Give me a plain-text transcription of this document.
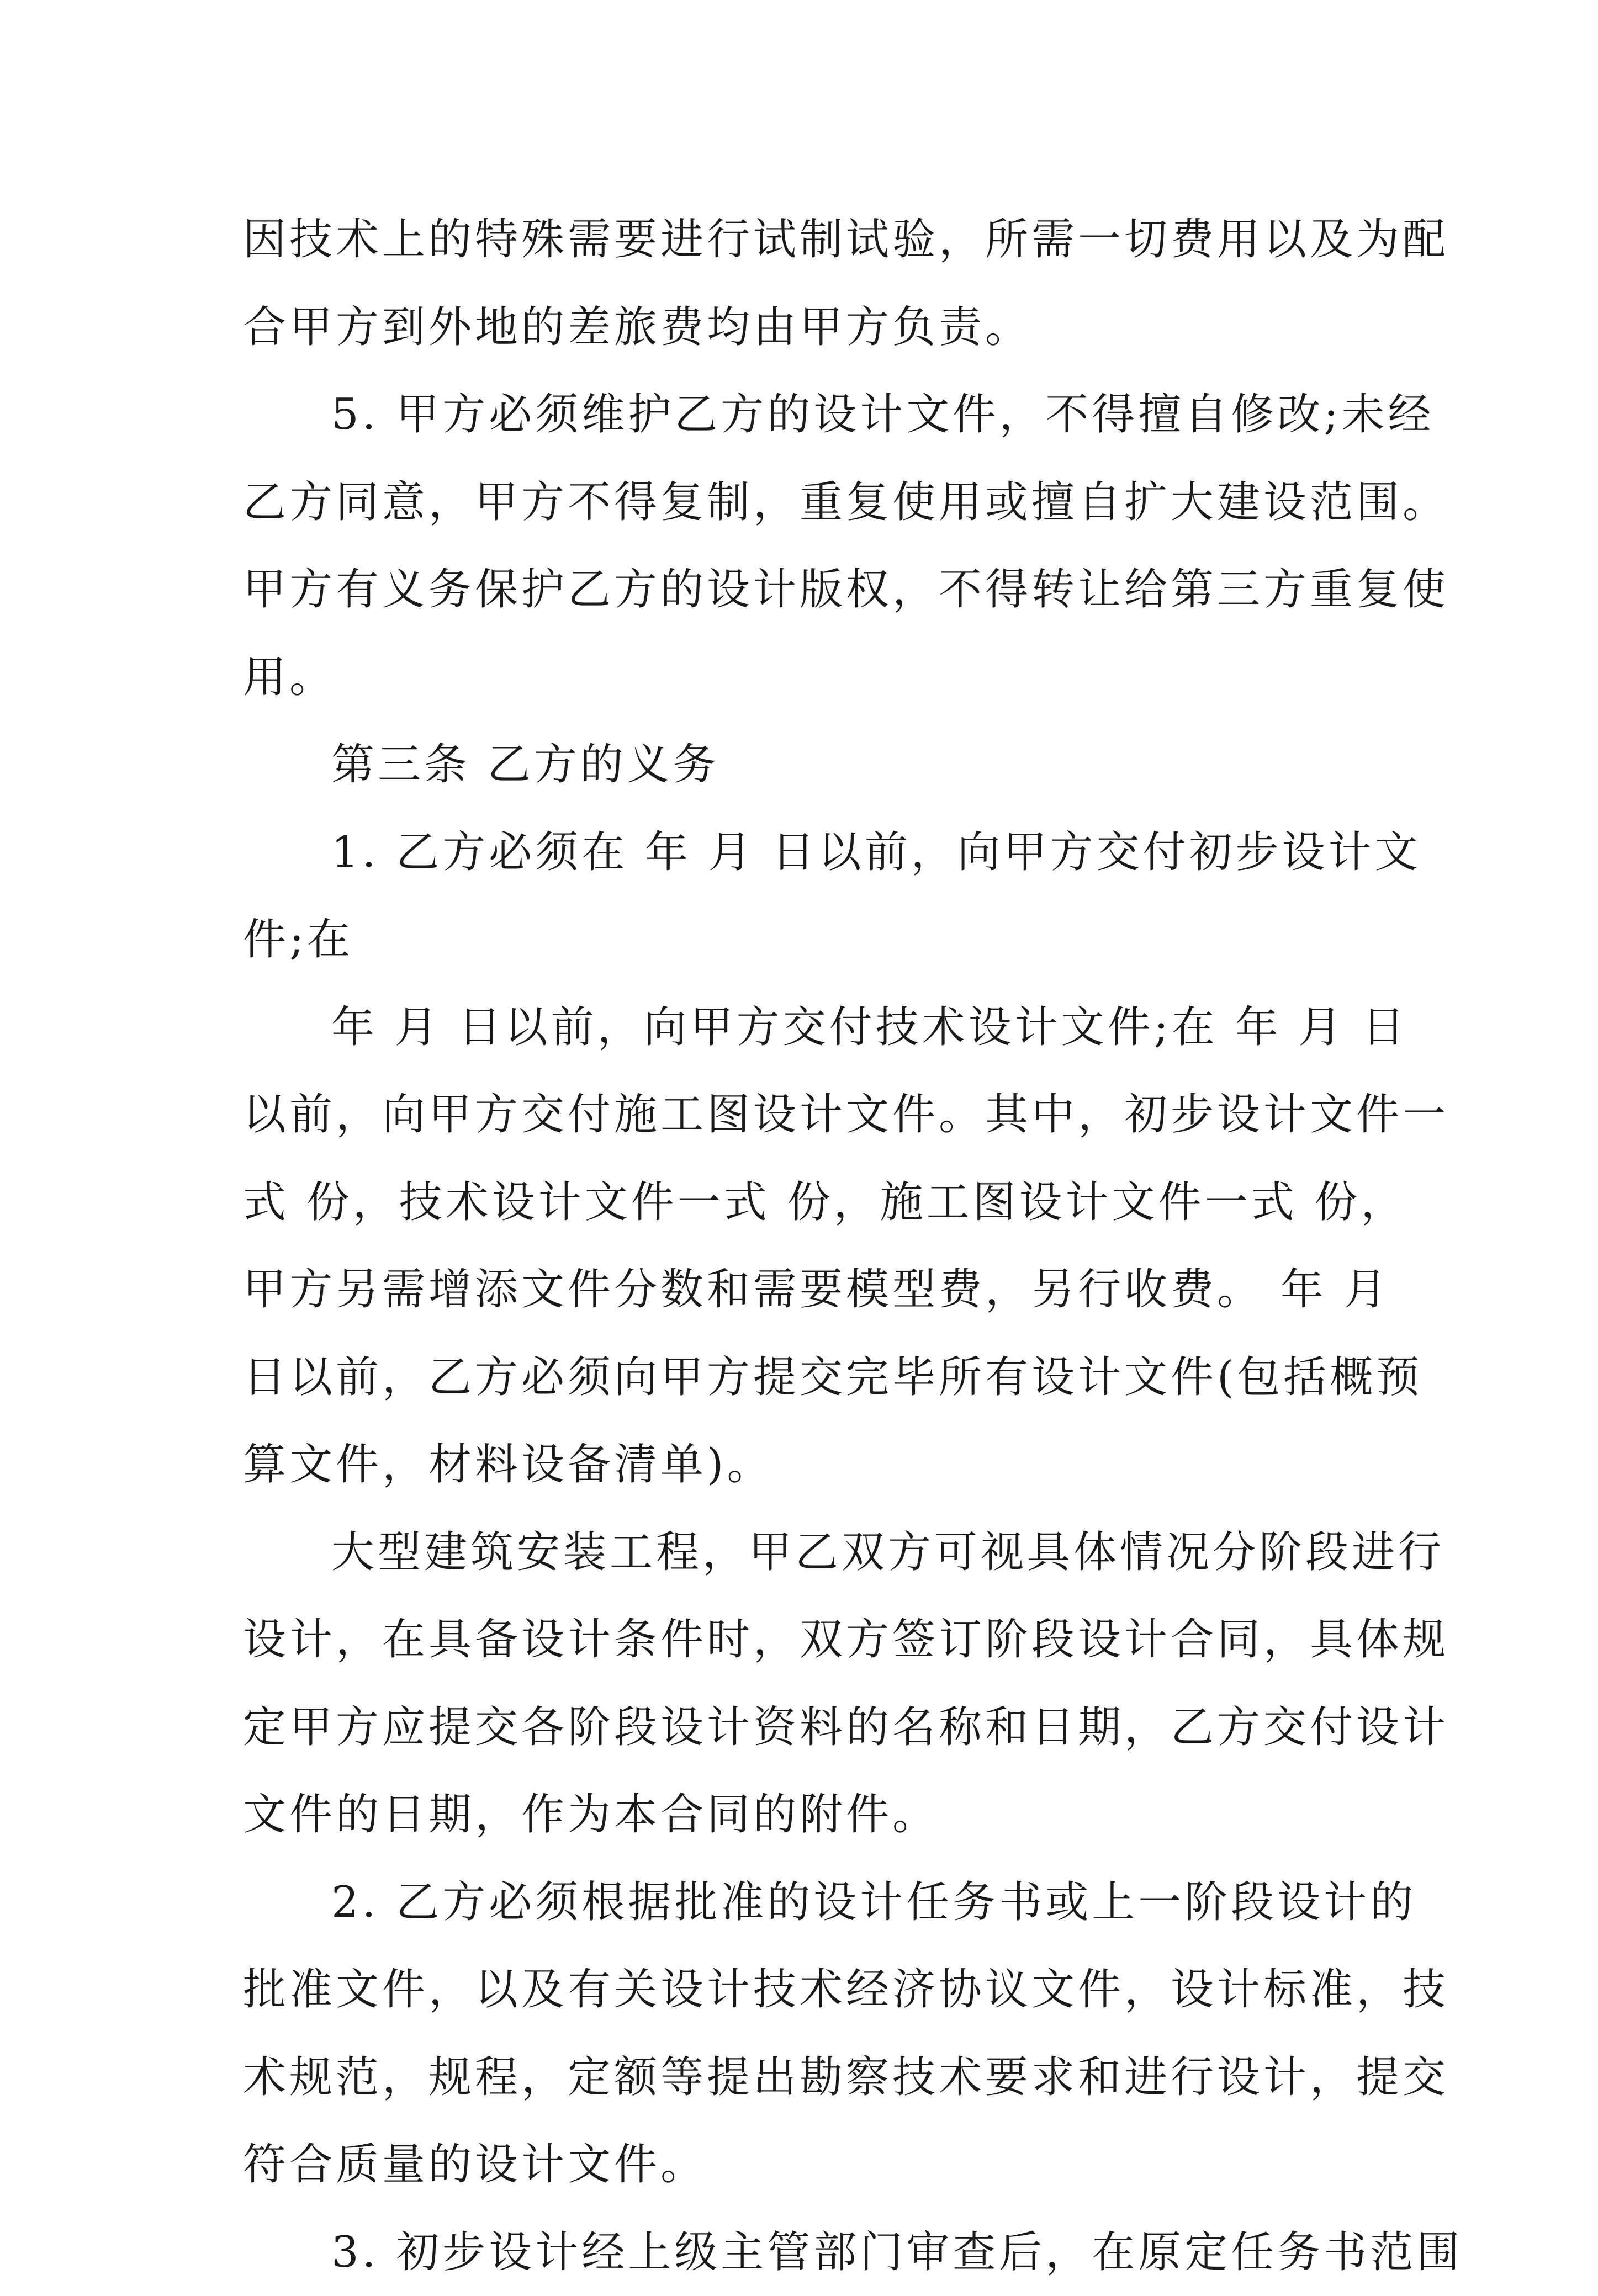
因技术上的特殊需要进行试制试验，所需一切费用以及为配
合甲方到外地的差旅费均由甲方负责。
5. 甲方必须维护乙方的设计文件，不得擅自修改;未经
乙方同意，甲方不得复制，重复使用或擅自扩大建设范围。
甲方有义务保护乙方的设计版权，不得转让给第三方重复使
用。
第三条 乙方的义务
1. 乙方必须在 年 月 日以前，向甲方交付初步设计文
件;在
年 月 日以前，向甲方交付技术设计文件;在 年 月 日
以前，向甲方交付施工图设计文件。其中，初步设计文件一
式 份，技术设计文件一式 份，施工图设计文件一式 份，
甲方另需增添文件分数和需要模型费，另行收费。 年 月
日以前，乙方必须向甲方提交完毕所有设计文件(包括概预
算文件，材料设备清单)。
大型建筑安装工程，甲乙双方可视具体情况分阶段进行
设计，在具备设计条件时，双方签订阶段设计合同，具体规
定甲方应提交各阶段设计资料的名称和日期，乙方交付设计
文件的日期，作为本合同的附件。
2. 乙方必须根据批准的设计任务书或上一阶段设计的
批准文件，以及有关设计技术经济协议文件，设计标准，技
术规范，规程，定额等提出勘察技术要求和进行设计，提交
符合质量的设计文件。
3. 初步设计经上级主管部门审查后，在原定任务书范围
